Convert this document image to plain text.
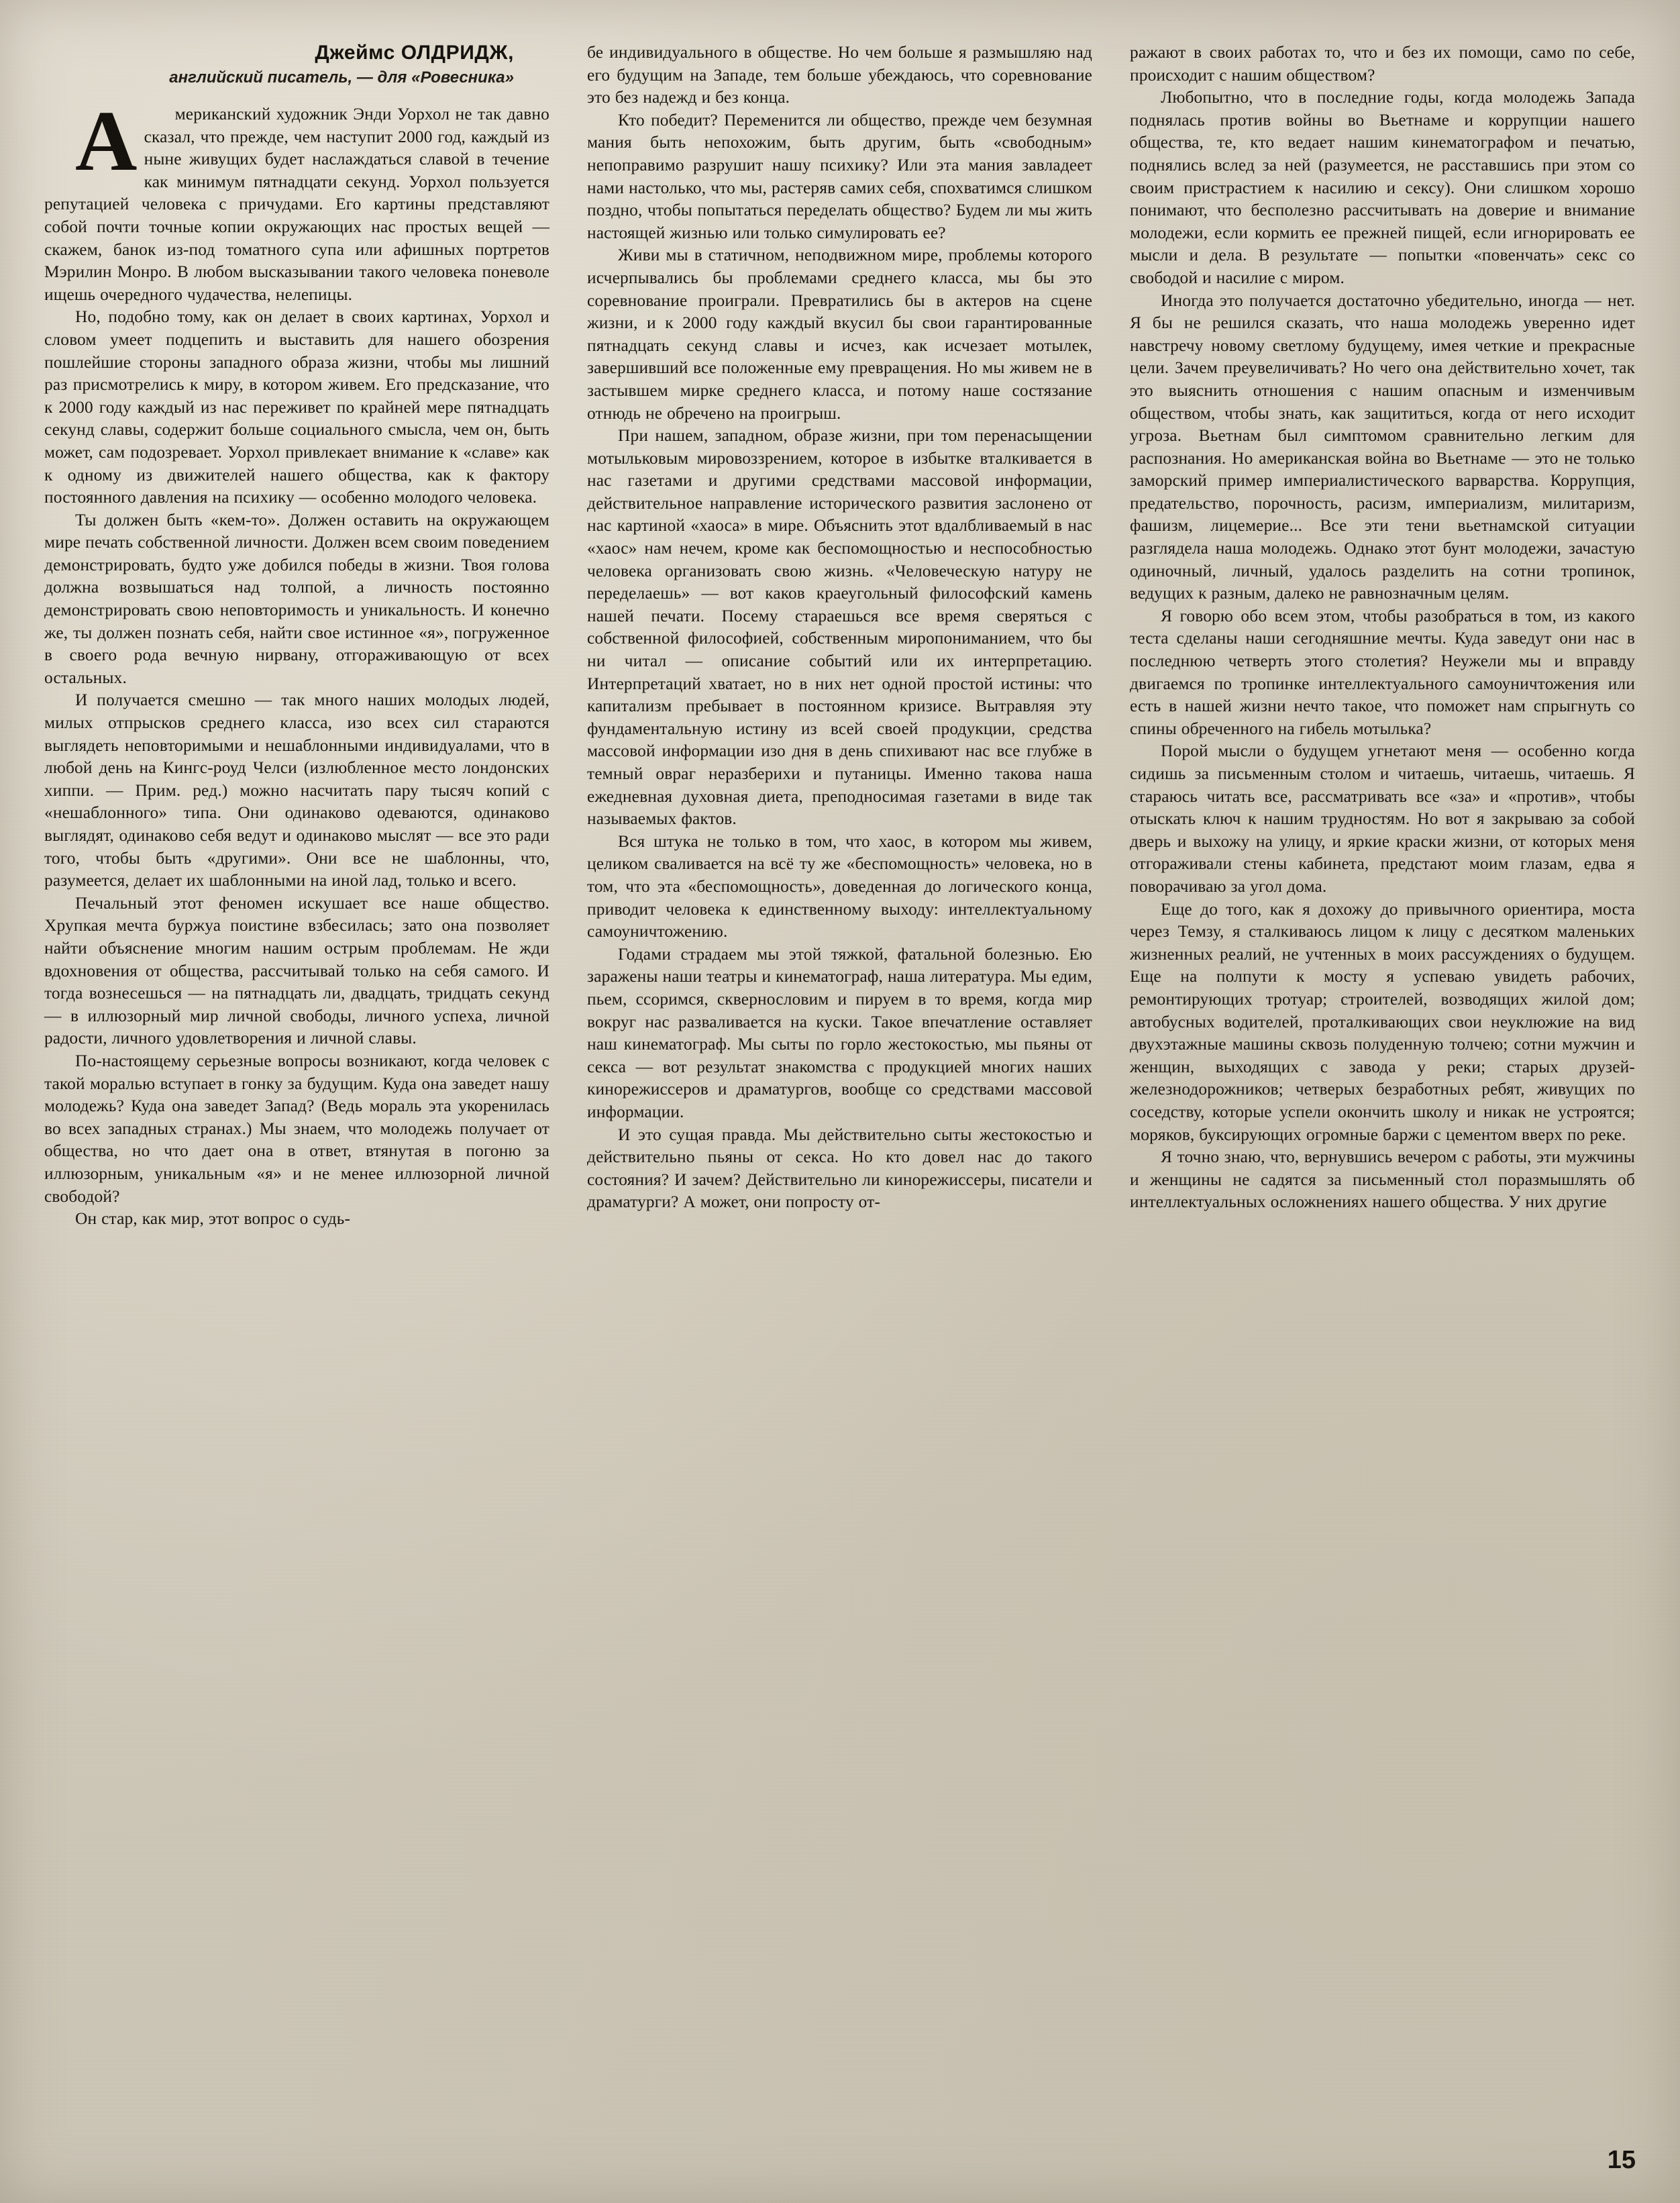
Джеймс ОЛДРИДЖ,
английский писатель, — для «Ровесника»

А мериканский художник Энди Уорхол не так давно сказал, что прежде, чем наступит 2000 год, каждый из ныне живущих будет наслаждаться славой в течение как минимум пятнадцати секунд. Уорхол пользуется репутацией человека с причудами. Его картины представляют собой почти точные копии окружающих нас простых вещей — скажем, банок из-под томатного супа или афишных портретов Мэрилин Монро. В любом высказывании такого человека поневоле ищешь очередного чудачества, нелепицы.

Но, подобно тому, как он делает в своих картинах, Уорхол и словом умеет подцепить и выставить для нашего обозрения пошлейшие стороны западного образа жизни, чтобы мы лишний раз присмотрелись к миру, в котором живем. Его предсказание, что к 2000 году каждый из нас переживет по крайней мере пятнадцать секунд славы, содержит больше социального смысла, чем он, быть может, сам подозревает. Уорхол привлекает внимание к «славе» как к одному из движителей нашего общества, как к фактору постоянного давления на психику — особенно молодого человека.

Ты должен быть «кем-то». Должен оставить на окружающем мире печать собственной личности. Должен всем своим поведением демонстрировать, будто уже добился победы в жизни. Твоя голова должна возвышаться над толпой, а личность постоянно демонстрировать свою неповторимость и уникальность. И конечно же, ты должен познать себя, найти свое истинное «я», погруженное в своего рода вечную нирвану, отгораживающую от всех остальных.

И получается смешно — так много наших молодых людей, милых отпрысков среднего класса, изо всех сил стараются выглядеть неповторимыми и нешаблонными индивидуалами, что в любой день на Кингс-роуд Челси (излюбленное место лондонских хиппи. — Прим. ред.) можно насчитать пару тысяч копий с «нешаблонного» типа. Они одинаково одеваются, одинаково выглядят, одинаково себя ведут и одинаково мыслят — все это ради того, чтобы быть «другими». Они все не шаблонны, что, разумеется, делает их шаблонными на иной лад, только и всего.

Печальный этот феномен искушает все наше общество. Хрупкая мечта буржуа поистине взбесилась; зато она позволяет найти объяснение многим нашим острым проблемам. Не жди вдохновения от общества, рассчитывай только на себя самого. И тогда вознесешься — на пятнадцать ли, двадцать, тридцать секунд — в иллюзорный мир личной свободы, личного успеха, личной радости, личного удовлетворения и личной славы.

По-настоящему серьезные вопросы возникают, когда человек с такой моралью вступает в гонку за будущим. Куда она заведет нашу молодежь? Куда она заведет Запад? (Ведь мораль эта укоренилась во всех западных странах.) Мы знаем, что молодежь получает от общества, но что дает она в ответ, втянутая в погоню за иллюзорным, уникальным «я» и не менее иллюзорной личной свободой?

Он стар, как мир, этот вопрос о судь-

бе индивидуального в обществе. Но чем больше я размышляю над его будущим на Западе, тем больше убеждаюсь, что соревнование это без надежд и без конца.

Кто победит? Переменится ли общество, прежде чем безумная мания быть непохожим, быть другим, быть «свободным» непоправимо разрушит нашу психику? Или эта мания завладеет нами настолько, что мы, растеряв самих себя, спохватимся слишком поздно, чтобы попытаться переделать общество? Будем ли мы жить настоящей жизнью или только симулировать ее?

Живи мы в статичном, неподвижном мире, проблемы которого исчерпывались бы проблемами среднего класса, мы бы это соревнование проиграли. Превратились бы в актеров на сцене жизни, и к 2000 году каждый вкусил бы свои гарантированные пятнадцать секунд славы и исчез, как исчезает мотылек, завершивший все положенные ему превращения. Но мы живем не в застывшем мирке среднего класса, и потому наше состязание отнюдь не обречено на проигрыш.

При нашем, западном, образе жизни, при том перенасыщении мотыльковым мировоззрением, которое в избытке вталкивается в нас газетами и другими средствами массовой информации, действительное направление исторического развития заслонено от нас картиной «хаоса» в мире. Объяснить этот вдалбливаемый в нас «хаос» нам нечем, кроме как беспомощностью и неспособностью человека организовать свою жизнь. «Человеческую натуру не переделаешь» — вот каков краеугольный философский камень нашей печати. Посему стараешься все время сверяться с собственной философией, собственным миропониманием, что бы ни читал — описание событий или их интерпретацию. Интерпретаций хватает, но в них нет одной простой истины: что капитализм пребывает в постоянном кризисе. Вытравляя эту фундаментальную истину из всей своей продукции, средства массовой информации изо дня в день спихивают нас все глубже в темный овраг неразберихи и путаницы. Именно такова наша ежедневная духовная диета, преподносимая газетами в виде так называемых фактов.

Вся штука не только в том, что хаос, в котором мы живем, целиком сваливается на всё ту же «беспомощность» человека, но в том, что эта «беспомощность», доведенная до логического конца, приводит человека к единственному выходу: интеллектуальному самоуничтожению.

Годами страдаем мы этой тяжкой, фатальной болезнью. Ею заражены наши театры и кинематограф, наша литература. Мы едим, пьем, ссоримся, сквернословим и пируем в то время, когда мир вокруг нас разваливается на куски. Такое впечатление оставляет наш кинематограф. Мы сыты по горло жестокостью, мы пьяны от секса — вот результат знакомства с продукцией многих наших кинорежиссеров и драматургов, вообще со средствами массовой информации.

И это сущая правда. Мы действительно сыты жестокостью и действительно пьяны от секса. Но кто довел нас до такого состояния? И зачем? Действительно ли кинорежиссеры, писатели и драматурги? А может, они попросту от-

ражают в своих работах то, что и без их помощи, само по себе, происходит с нашим обществом?

Любопытно, что в последние годы, когда молодежь Запада поднялась против войны во Вьетнаме и коррупции нашего общества, те, кто ведает нашим кинематографом и печатью, поднялись вслед за ней (разумеется, не расставшись при этом со своим пристрастием к насилию и сексу). Они слишком хорошо понимают, что бесполезно рассчитывать на доверие и внимание молодежи, если кормить ее прежней пищей, если игнорировать ее мысли и дела. В результате — попытки «повенчать» секс со свободой и насилие с миром.

Иногда это получается достаточно убедительно, иногда — нет. Я бы не решился сказать, что наша молодежь уверенно идет навстречу новому светлому будущему, имея четкие и прекрасные цели. Зачем преувеличивать? Но чего она действительно хочет, так это выяснить отношения с нашим опасным и изменчивым обществом, чтобы знать, как защититься, когда от него исходит угроза. Вьетнам был симптомом сравнительно легким для распознания. Но американская война во Вьетнаме — это не только заморский пример империалистического варварства. Коррупция, предательство, порочность, расизм, империализм, милитаризм, фашизм, лицемерие... Все эти тени вьетнамской ситуации разглядела наша молодежь. Однако этот бунт молодежи, зачастую одиночный, личный, удалось разделить на сотни тропинок, ведущих к разным, далеко не равнозначным целям.

Я говорю обо всем этом, чтобы разобраться в том, из какого теста сделаны наши сегодняшние мечты. Куда заведут они нас в последнюю четверть этого столетия? Неужели мы и вправду двигаемся по тропинке интеллектуального самоуничтожения или есть в нашей жизни нечто такое, что поможет нам спрыгнуть со спины обреченного на гибель мотылька?

Порой мысли о будущем угнетают меня — особенно когда сидишь за письменным столом и читаешь, читаешь, читаешь. Я стараюсь читать все, рассматривать все «за» и «против», чтобы отыскать ключ к нашим трудностям. Но вот я закрываю за собой дверь и выхожу на улицу, и яркие краски жизни, от которых меня отгораживали стены кабинета, предстают моим глазам, едва я поворачиваю за угол дома.

Еще до того, как я дохожу до привычного ориентира, моста через Темзу, я сталкиваюсь лицом к лицу с десятком маленьких жизненных реалий, не учтенных в моих рассуждениях о будущем. Еще на полпути к мосту я успеваю увидеть рабочих, ремонтирующих тротуар; строителей, возводящих жилой дом; автобусных водителей, проталкивающих свои неуклюжие на вид двухэтажные машины сквозь полуденную толчею; сотни мужчин и женщин, выходящих с завода у реки; старых друзей-железнодорожников; четверых безработных ребят, живущих по соседству, которые успели окончить школу и никак не устроятся; моряков, буксирующих огромные баржи с цементом вверх по реке.

Я точно знаю, что, вернувшись вечером с работы, эти мужчины и женщины не садятся за письменный стол поразмышлять об интеллектуальных осложнениях нашего общества. У них другие

15
